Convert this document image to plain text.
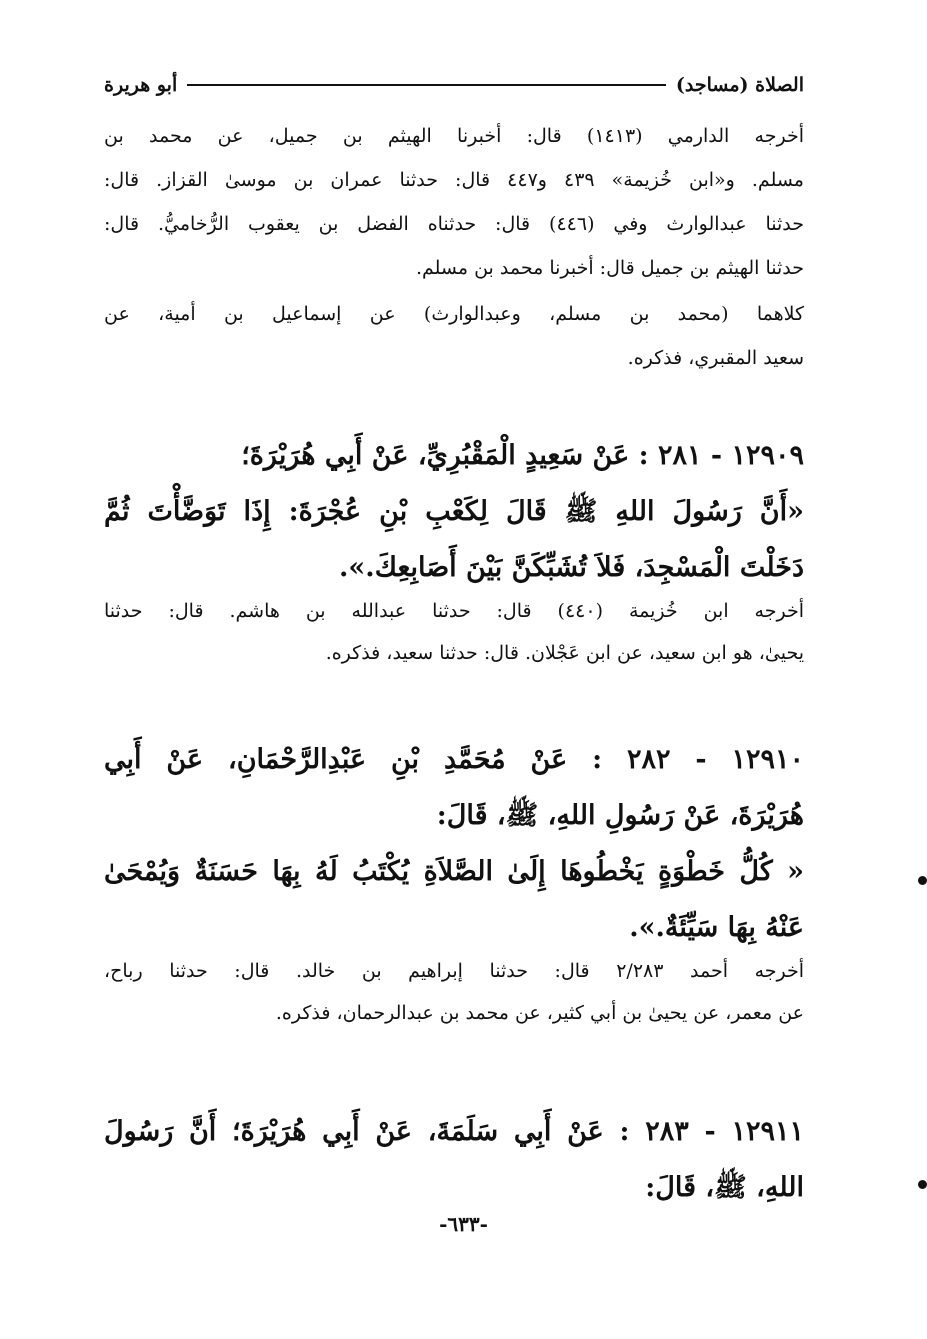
الصلاة (مساجد)
أبو هريرة
أخرجه الدارمي (١٤١٣) قال: أخبرنا الهيثم بن جميل، عن محمد بن
مسلم. و«ابن خُزيمة» ٤٣٩ و٤٤٧ قال: حدثنا عمران بن موسىٰ القزاز. قال:
حدثنا عبدالوارث وفي (٤٤٦) قال: حدثناه الفضل بن يعقوب الرُّخاميُّ. قال:
حدثنا الهيثم بن جميل قال: أخبرنا محمد بن مسلم.
كلاهما (محمد بن مسلم، وعبدالوارث) عن إسماعيل بن أمية، عن
سعيد المقبري، فذكره.
١٢٩٠٩ - ٢٨١ : عَنْ سَعِيدٍ الْمَقْبُرِيِّ، عَنْ أَبِي هُرَيْرَةَ؛
«أَنَّ رَسُولَ اللهِ ﷺ قَالَ لِكَعْبِ بْنِ عُجْرَةَ: إِذَا تَوَضَّأْتَ ثُمَّ
دَخَلْتَ الْمَسْجِدَ، فَلاَ تُشَبِّكَنَّ بَيْنَ أَصَابِعِكَ.».
أخرجه ابن خُزيمة (٤٤٠) قال: حدثنا عبدالله بن هاشم. قال: حدثنا
يحيىٰ، هو ابن سعيد، عن ابن عَجْلان. قال: حدثنا سعيد، فذكره.
١٢٩١٠ - ٢٨٢ : عَنْ مُحَمَّدِ بْنِ عَبْدِالرَّحْمَانِ، عَنْ أَبِي
هُرَيْرَةَ، عَنْ رَسُولِ اللهِ، ﷺ، قَالَ:
« كُلُّ خَطْوَةٍ يَخْطُوهَا إِلَىٰ الصَّلاَةِ يُكْتَبُ لَهُ بِهَا حَسَنَةٌ وَيُمْحَىٰ
عَنْهُ بِهَا سَيِّئَةٌ.».
أخرجه أحمد ٢/٢٨٣ قال: حدثنا إبراهيم بن خالد. قال: حدثنا رباح،
عن معمر، عن يحيىٰ بن أبي كثير، عن محمد بن عبدالرحمان، فذكره.
١٢٩١١ - ٢٨٣ : عَنْ أَبِي سَلَمَةَ، عَنْ أَبِي هُرَيْرَةَ؛ أَنَّ رَسُولَ
اللهِ، ﷺ، قَالَ:
-٦٣٣-
